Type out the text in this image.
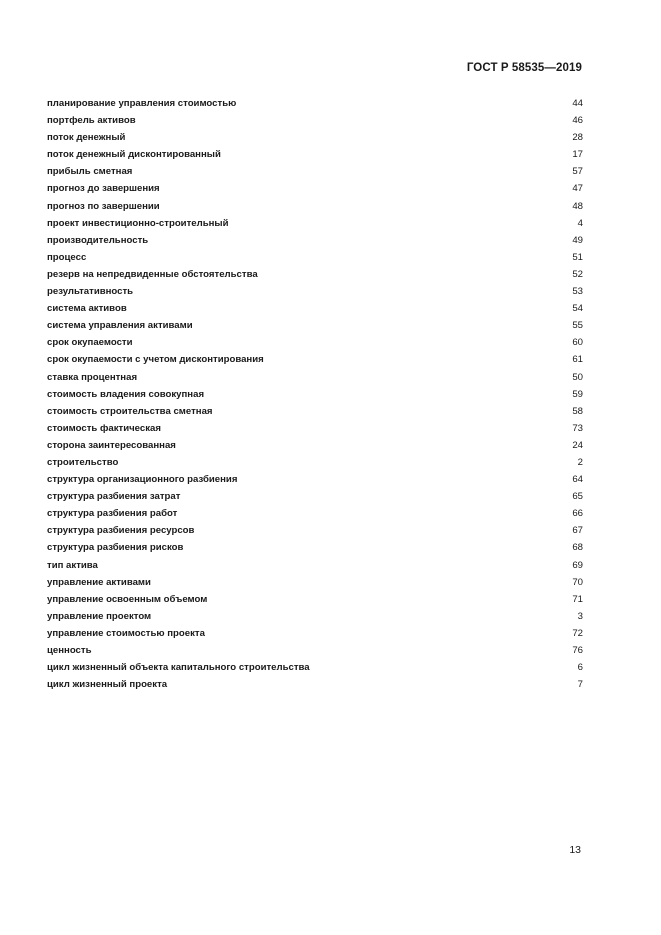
ГОСТ Р 58535—2019
планирование управления стоимостью	44
портфель активов	46
поток денежный	28
поток денежный дисконтированный	17
прибыль сметная	57
прогноз до завершения	47
прогноз по завершении	48
проект инвестиционно-строительный	4
производительность	49
процесс	51
резерв на непредвиденные обстоятельства	52
результативность	53
система активов	54
система управления активами	55
срок окупаемости	60
срок окупаемости с учетом дисконтирования	61
ставка процентная	50
стоимость владения совокупная	59
стоимость строительства сметная	58
стоимость фактическая	73
сторона заинтересованная	24
строительство	2
структура организационного разбиения	64
структура разбиения затрат	65
структура разбиения работ	66
структура разбиения ресурсов	67
структура разбиения рисков	68
тип актива	69
управление активами	70
управление освоенным объемом	71
управление проектом	3
управление стоимостью проекта	72
ценность	76
цикл жизненный объекта капитального строительства	6
цикл жизненный проекта	7
13
